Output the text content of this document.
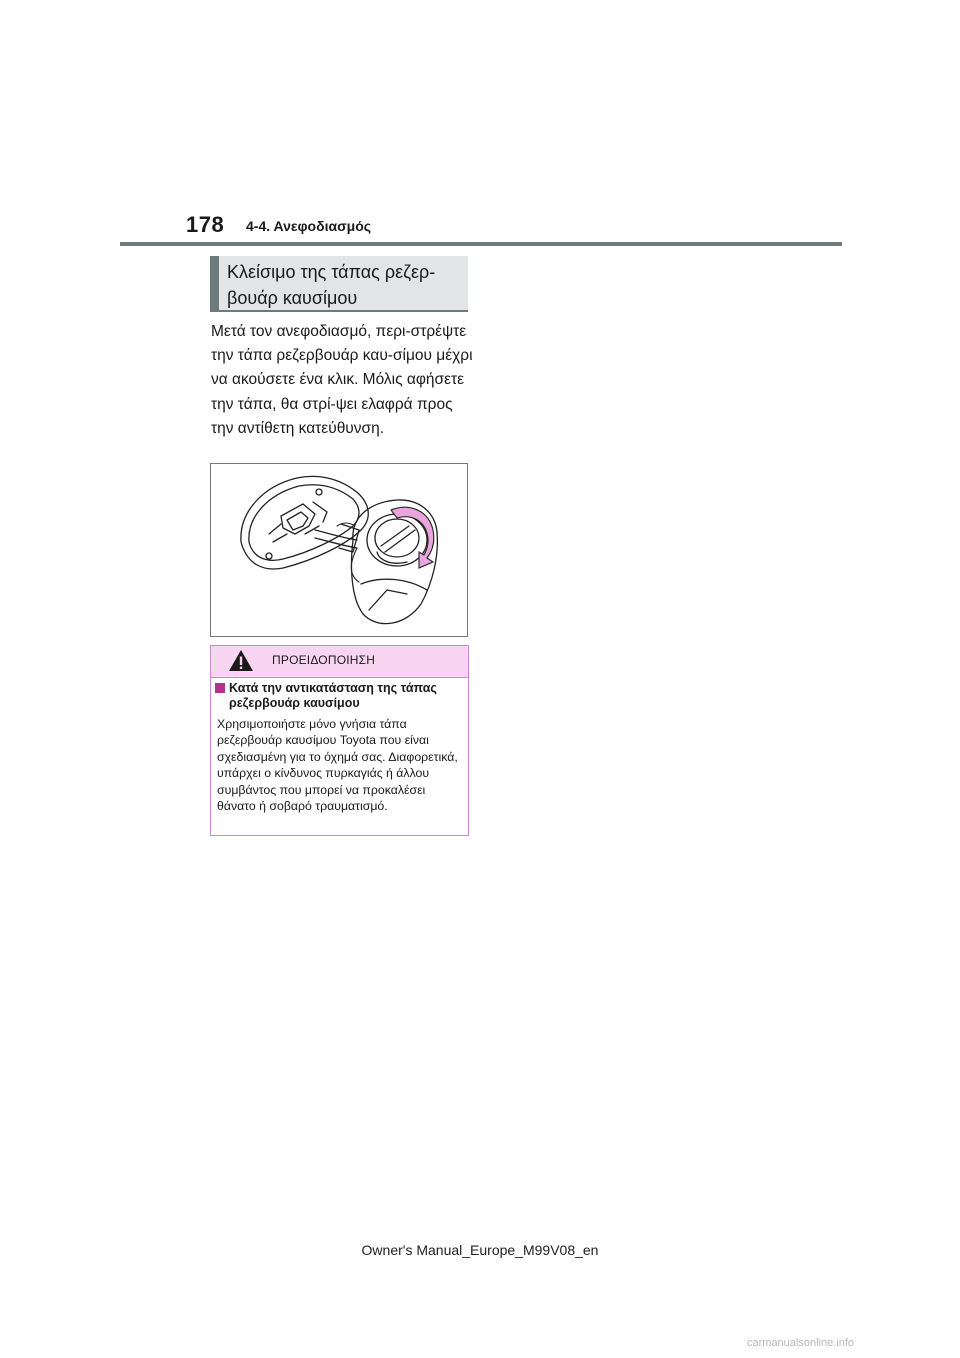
178 4-4. Ανεφοδιασμός
Κλείσιμο της τάπας ρεζερ-βουάρ καυσίμου

Μετά τον ανεφοδιασμό, περι-στρέψτε την τάπα ρεζερβουάρ καυ-σίμου μέχρι να ακούσετε ένα κλικ. Μόλις αφήσετε την τάπα, θα στρί-ψει ελαφρά προς την αντίθετη κατεύθυνση.

ΠΡΟΕΙΔΟΠΟΙΗΣΗ
Κατά την αντικατάσταση της τάπας ρεζερβουάρ καυσίμου

Χρησιμοποιήστε μόνο γνήσια τάπα ρεζερβουάρ καυσίμου Toyota που είναι σχεδιασμένη για το όχημά σας. Διαφορετικά, υπάρχει ο κίνδυνος πυρκαγιάς ή άλλου συμβάντος που μπορεί να προκαλέσει θάνατο ή σοβαρό τραυματισμό.

Owner's Manual_Europe_M99V08_en
carmanualsonline.info
